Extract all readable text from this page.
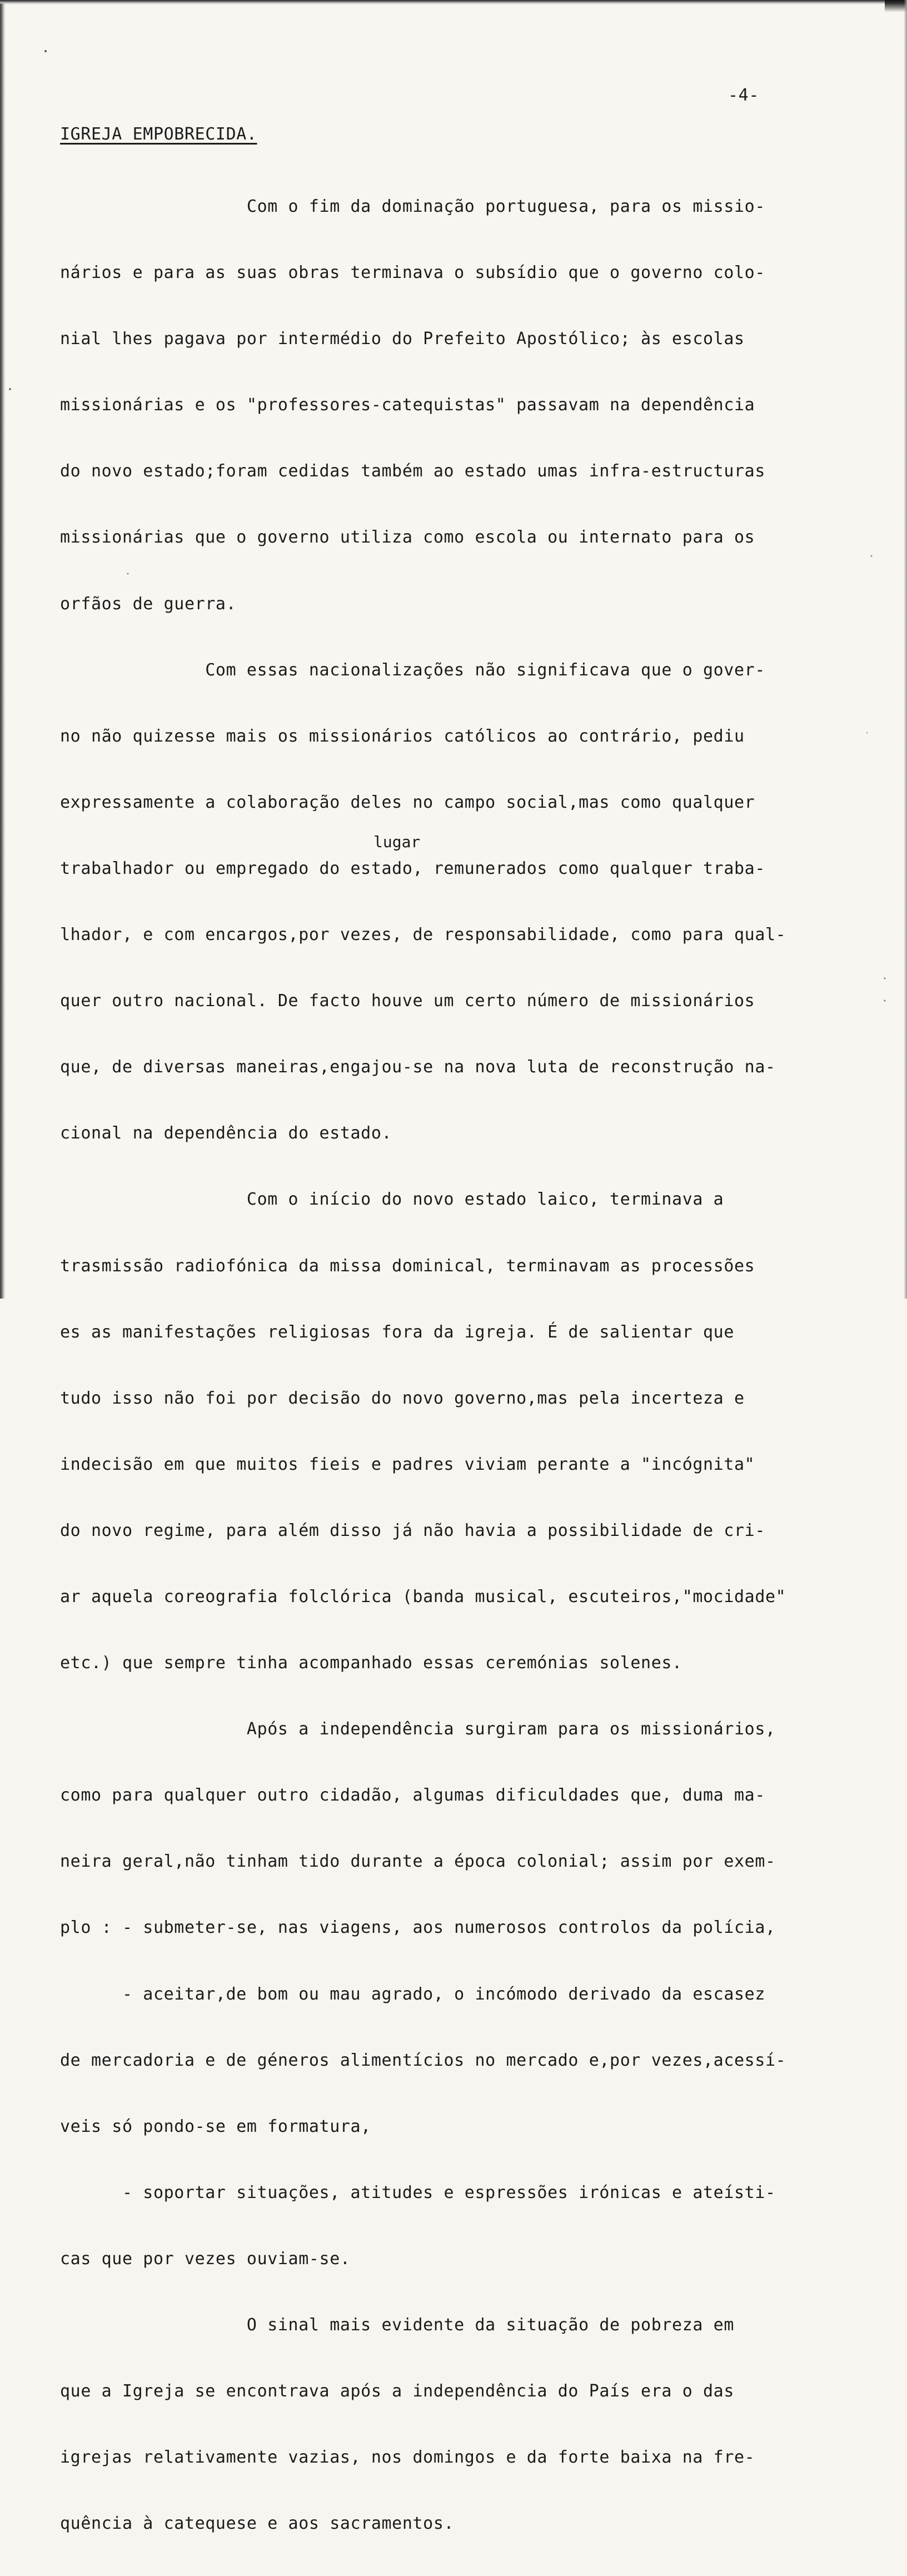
-4-
IGREJA EMPOBRECIDA.

Com o fim da dominação portuguesa, para os missio-

nários e para as suas obras terminava o subsídio que o governo colo-

nial lhes pagava por intermédio do Prefeito Apostólico; às escolas

missionárias e os "professores-catequistas" passavam na dependência

do novo estado;foram cedidas também ao estado umas infra-estructuras

missionárias que o governo utiliza como escola ou internato para os

orfãos de guerra.

Com essas nacionalizações não significava que o gover-

no não quizesse mais os missionários católicos ao contrário, pediu

expressamente a colaboração deles no campo social,mas como qualquer

trabalhador ou empregado do estado, remunerados como qualquer traba-

lhador, e com encargos,por vezes, de responsabilidade, como para qual-

quer outro nacional. De facto houve um certo número de missionários

que, de diversas maneiras,engajou-se na nova luta de reconstrução na-

cional na dependência do estado.

Com o início do novo estado laico, terminava a

trasmissão radiofónica da missa dominical, terminavam as processões

es as manifestações religiosas fora da igreja. É de salientar que

tudo isso não foi por decisão do novo governo,mas pela incerteza e

indecisão em que muitos fieis e padres viviam perante a "incógnita"

do novo regime, para além disso já não havia a possibilidade de cri-

ar aquela coreografia folclórica (banda musical, escuteiros,"mocidade"

etc.) que sempre tinha acompanhado essas ceremónias solenes.

Após a independência surgiram para os missionários,

como para qualquer outro cidadão, algumas dificuldades que, duma ma-

neira geral,não tinham tido durante a época colonial; assim por exem-

plo : - submeter-se, nas viagens, aos numerosos controlos da polícia,

- aceitar,de bom ou mau agrado, o incómodo derivado da escasez

de mercadoria e de géneros alimentícios no mercado e,por vezes,acessí-

veis só pondo-se em formatura,

- soportar situações, atitudes e espressões irónicas e ateísti-

cas que por vezes ouviam-se.

O sinal mais evidente da situação de pobreza em

que a Igreja se encontrava após a independência do País era o das

igrejas relativamente vazias, nos domingos e da forte baixa na fre-

quência à catequese e aos sacramentos.

lugar
